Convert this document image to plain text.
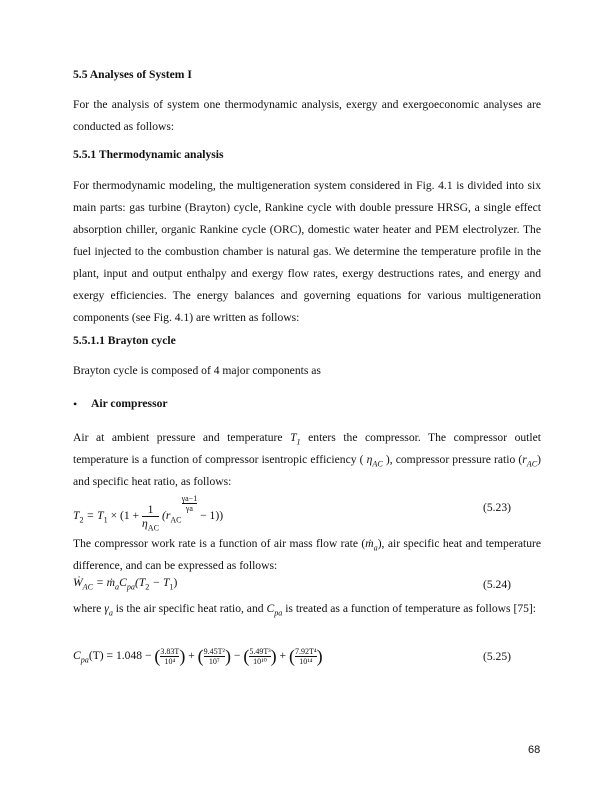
5.5 Analyses of System I
For the analysis of system one thermodynamic analysis, exergy and exergoeconomic analyses are conducted as follows:
5.5.1 Thermodynamic analysis
For thermodynamic modeling, the multigeneration system considered in Fig. 4.1 is divided into six main parts: gas turbine (Brayton) cycle, Rankine cycle with double pressure HRSG, a single effect absorption chiller, organic Rankine cycle (ORC), domestic water heater and PEM electrolyzer. The fuel injected to the combustion chamber is natural gas. We determine the temperature profile in the plant, input and output enthalpy and exergy flow rates, exergy destructions rates, and energy and exergy efficiencies. The energy balances and governing equations for various multigeneration components (see Fig. 4.1) are written as follows:
5.5.1.1 Brayton cycle
Brayton cycle is composed of 4 major components as
• Air compressor
Air at ambient pressure and temperature $T_1$ enters the compressor. The compressor outlet temperature is a function of compressor isentropic efficiency ( $\eta_{AC}$ ), compressor pressure ratio $(r_{AC})$ and specific heat ratio, as follows:
$T_2 = T_1 \times (1 + \frac{1}{\eta_{AC}} (r_{AC}$
$^{\frac{\gamma a-1}{\gamma a}}$
− 1))
(5.23)
The compressor work rate is a function of air mass flow rate (ṁ$_a$), air specific heat and temperature difference, and can be expressed as follows:
Ẇ$_{AC}$ = $ṁ_aC_{pa}(T_2 - T_1)$	(5.24)
where $\gamma_a$ is the air specific heat ratio, and $C_{pa}$ is treated as a function of temperature as follows [75]:
$C_{pa}(T) = 1.048$ − ( $\frac{3.83T}{\text{10⁴}}$ ) + ( $\frac{\text{9.45T²}}{\text{10⁷}}$ ) − ( $\frac{\text{5.49T³}}{\text{10¹⁰}}$ ) + ( $\frac{\text{7.92T⁴}}{\text{10¹⁴}}$ )	(5.25)
68
